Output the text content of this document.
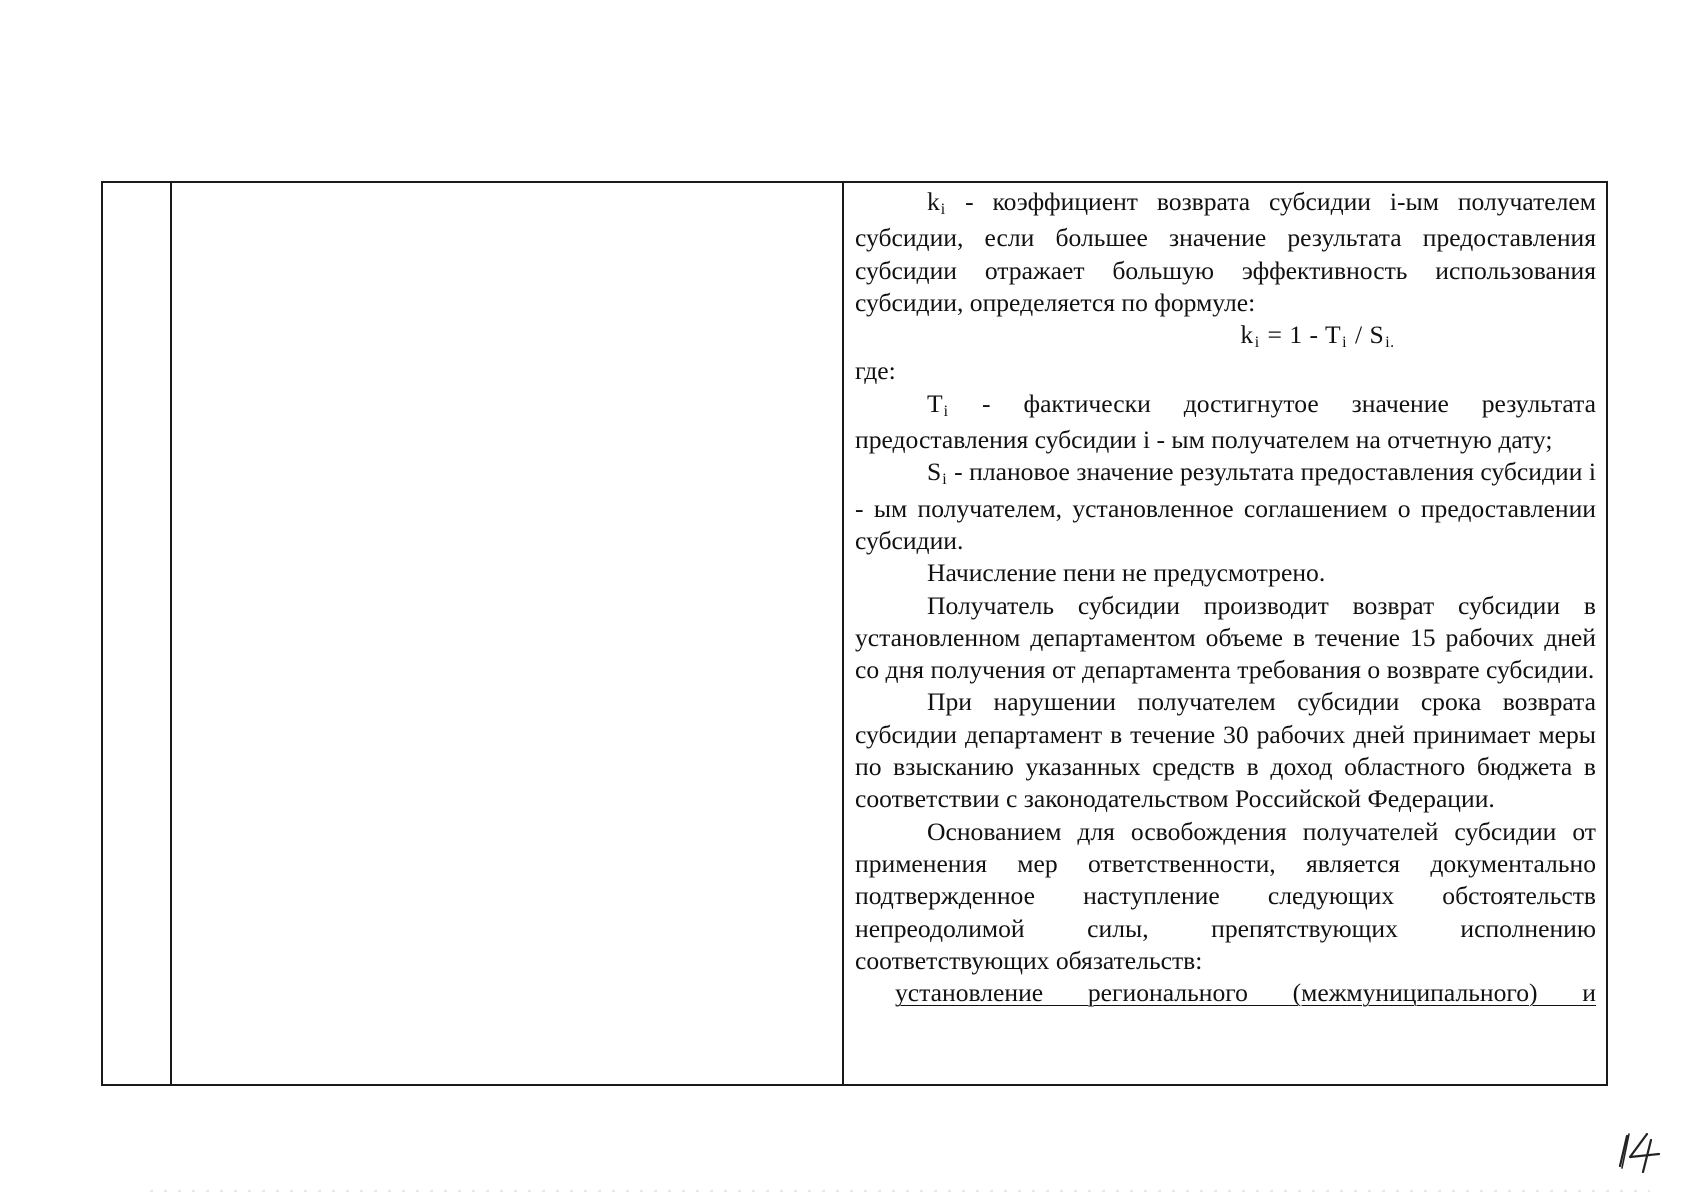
$k_i$ - коэффициент возврата субсидии i-ым получателем субсидии, если большее значение результата предоставления субсидии отражает большую эффективность использования субсидии, определяется по формуле:

$k_i = 1 - T_i / S_{i.}$

где:

$T_i$ - фактически достигнутое значение результата предоставления субсидии i - ым получателем на отчетную дату;

$S_i$ - плановое значение результата предоставления субсидии i - ым получателем, установленное соглашением о предоставлении субсидии.

Начисление пени не предусмотрено.

Получатель субсидии производит возврат субсидии в установленном департаментом объеме в течение 15 рабочих дней со дня получения от департамента требования о возврате субсидии.

При нарушении получателем субсидии срока возврата субсидии департамент в течение 30 рабочих дней принимает меры по взысканию указанных средств в доход областного бюджета в соответствии с законодательством Российской Федерации.

Основанием для освобождения получателей субсидии от применения мер ответственности, является документально подтвержденное наступление следующих обстоятельств непреодолимой силы, препятствующих исполнению соответствующих обязательств:

установление регионального (межмуниципального) и
